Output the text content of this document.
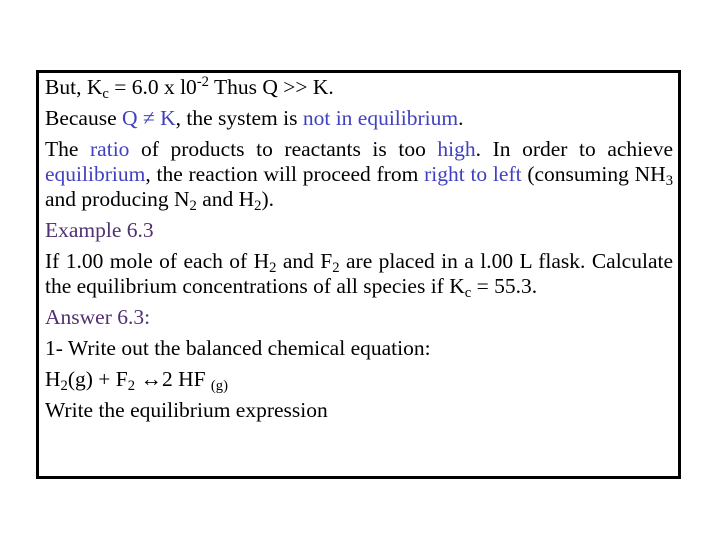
But, $K_c = 6.0$ x $l0^{-2}$ Thus Q >> K.
Because Q ≠ K, the system is not in equilibrium.
The ratio of products to reactants is too high. In order to achieve equilibrium, the reaction will proceed from right to left (consuming $NH_3$ and producing $N_2$ and $H_2$).
Example 6.3
If 1.00 mole of each of $H_2$ and $F_2$ are placed in a l.00 L flask. Calculate the equilibrium concentrations of all species if $K_c = 55.3$.
Answer 6.3:
1- Write out the balanced chemical equation:
$H_2(g) + F_2$ ↔2 HF $_{(g)}$
Write the equilibrium expression
